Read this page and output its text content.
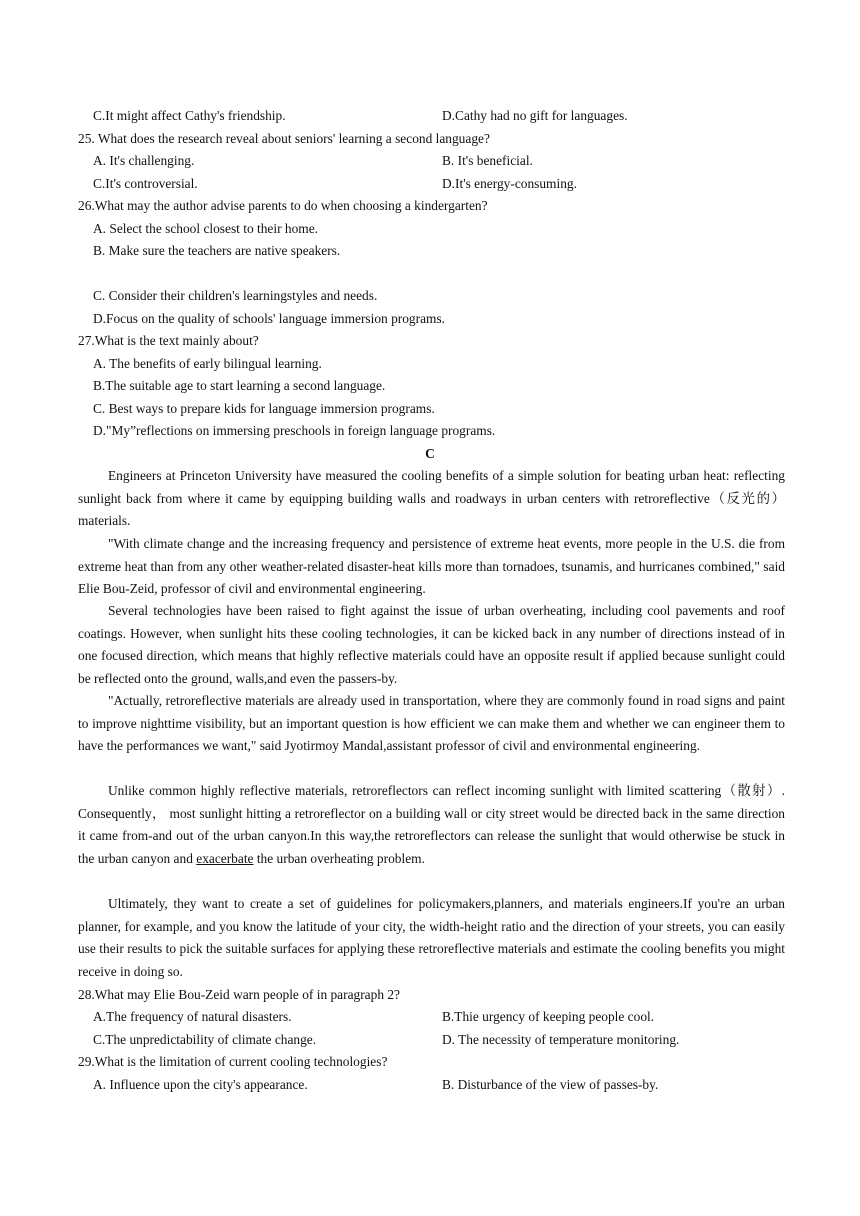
C.It might affect Cathy's friendship.	D.Cathy had no gift for languages.
25. What does the research reveal about seniors' learning a second language?
A. It's challenging.	B. It's beneficial.
C.It's controversial.	D.It's energy-consuming.
26.What may the author advise parents to do when choosing a kindergarten?
A. Select the school closest to their home.
B. Make sure the teachers are native speakers.
C. Consider their children's learningstyles and needs.
D.Focus on the quality of schools' language immersion programs.
27.What is the text mainly about?
A. The benefits of early bilingual learning.
B.The suitable age to start learning a second language.
C. Best ways to prepare kids for language immersion programs.
D."My”reflections on immersing preschools in foreign language programs.
C

Engineers at Princeton University have measured the cooling benefits of a simple solution for beating urban heat: reflecting sunlight back from where it came by equipping building walls and roadways in urban centers with retroreflective（反光的）materials.

"With climate change and the increasing frequency and persistence of extreme heat events, more people in the U.S. die from extreme heat than from any other weather-related disaster-heat kills more than tornadoes, tsunamis, and hurricanes combined," said Elie Bou-Zeid, professor of civil and environmental engineering.

Several technologies have been raised to fight against the issue of urban overheating, including cool pavements and roof coatings. However, when sunlight hits these cooling technologies, it can be kicked back in any number of directions instead of in one focused direction, which means that highly reflective materials could have an opposite result if applied because sunlight could be reflected onto the ground, walls,and even the passers-by.

"Actually, retroreflective materials are already used in transportation, where they are commonly found in road signs and paint to improve nighttime visibility, but an important question is how efficient we can make them and whether we can engineer them to have the performances we want," said Jyotirmoy Mandal,assistant professor of civil and environmental engineering.

Unlike common highly reflective materials, retroreflectors can reflect incoming sunlight with limited scattering（散射）. Consequently， most sunlight hitting a retroreflector on a building wall or city street would be directed back in the same direction it came from-and out of the urban canyon.In this way,the retroreflectors can release the sunlight that would otherwise be stuck in the urban canyon and exacerbate the urban overheating problem.

Ultimately, they want to create a set of guidelines for policymakers,planners, and materials engineers.If you're an urban planner, for example, and you know the latitude of your city, the width-height ratio and the direction of your streets, you can easily use their results to pick the suitable surfaces for applying these retroreflective materials and estimate the cooling benefits you might receive in doing so.

28.What may Elie Bou-Zeid warn people of in paragraph 2?
A.The frequency of natural disasters.	B.Thie urgency of keeping people cool.
C.The unpredictability of climate change.	D. The necessity of temperature monitoring.
29.What is the limitation of current cooling technologies?
A. Influence upon the city's appearance.	B. Disturbance of the view of passes-by.
